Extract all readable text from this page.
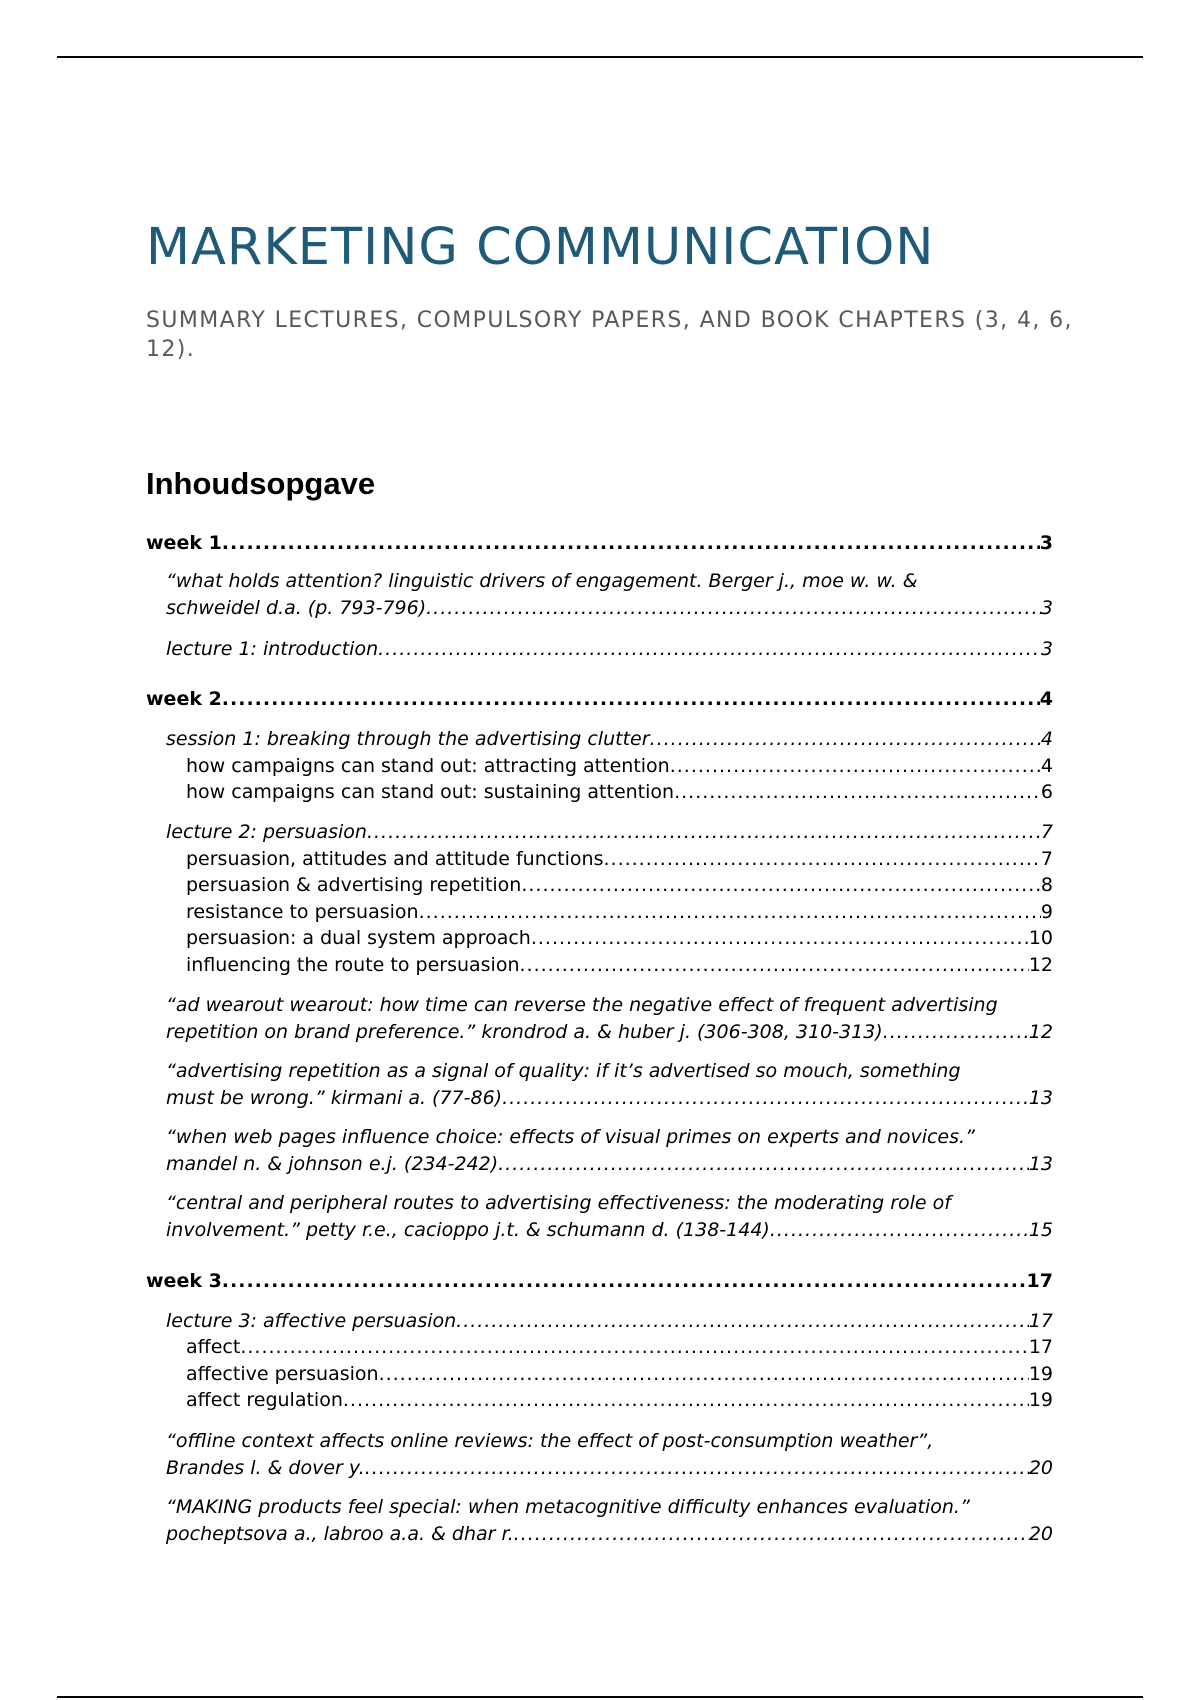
MARKETING COMMUNICATION

SUMMARY LECTURES, COMPULSORY PAPERS, AND BOOK CHAPTERS (3, 4, 6, 12).

Inhoudsopgave
week 1 .....	3
“what holds attention? linguistic drivers of engagement. Berger j., moe w. w. &
schweidel d.a. (p. 793-796) .....	3
lecture 1: introduction .....	3
week 2 .....	4
session 1: breaking through the advertising clutter .....	4
how campaigns can stand out: attracting attention .....	4
how campaigns can stand out: sustaining attention .....	6
lecture 2: persuasion .....	7
persuasion, attitudes and attitude functions .....	7
persuasion & advertising repetition .....	8
resistance to persuasion .....	9
persuasion: a dual system approach .....	10
influencing the route to persuasion .....	12
“ad wearout wearout: how time can reverse the negative effect of frequent advertising
repetition on brand preference.” krondrod a. & huber j. (306-308, 310-313) .....	12
“advertising repetition as a signal of quality: if it’s advertised so mouch, something
must be wrong.” kirmani a. (77-86) .....	13
“when web pages influence choice: effects of visual primes on experts and novices.”
mandel n. & johnson e.j. (234-242) .....	13
“central and peripheral routes to advertising effectiveness: the moderating role of
involvement.” petty r.e., cacioppo j.t. & schumann d. (138-144) .....	15
week 3 .....	17
lecture 3: affective persuasion .....	17
affect .....	17
affective persuasion .....	19
affect regulation .....	19
“offline context affects online reviews: the effect of post-consumption weather”,
Brandes l. & dover y. .....	20
“MAKING products feel special: when metacognitive difficulty enhances evaluation.”
pocheptsova a., labroo a.a. & dhar r. .....	20
